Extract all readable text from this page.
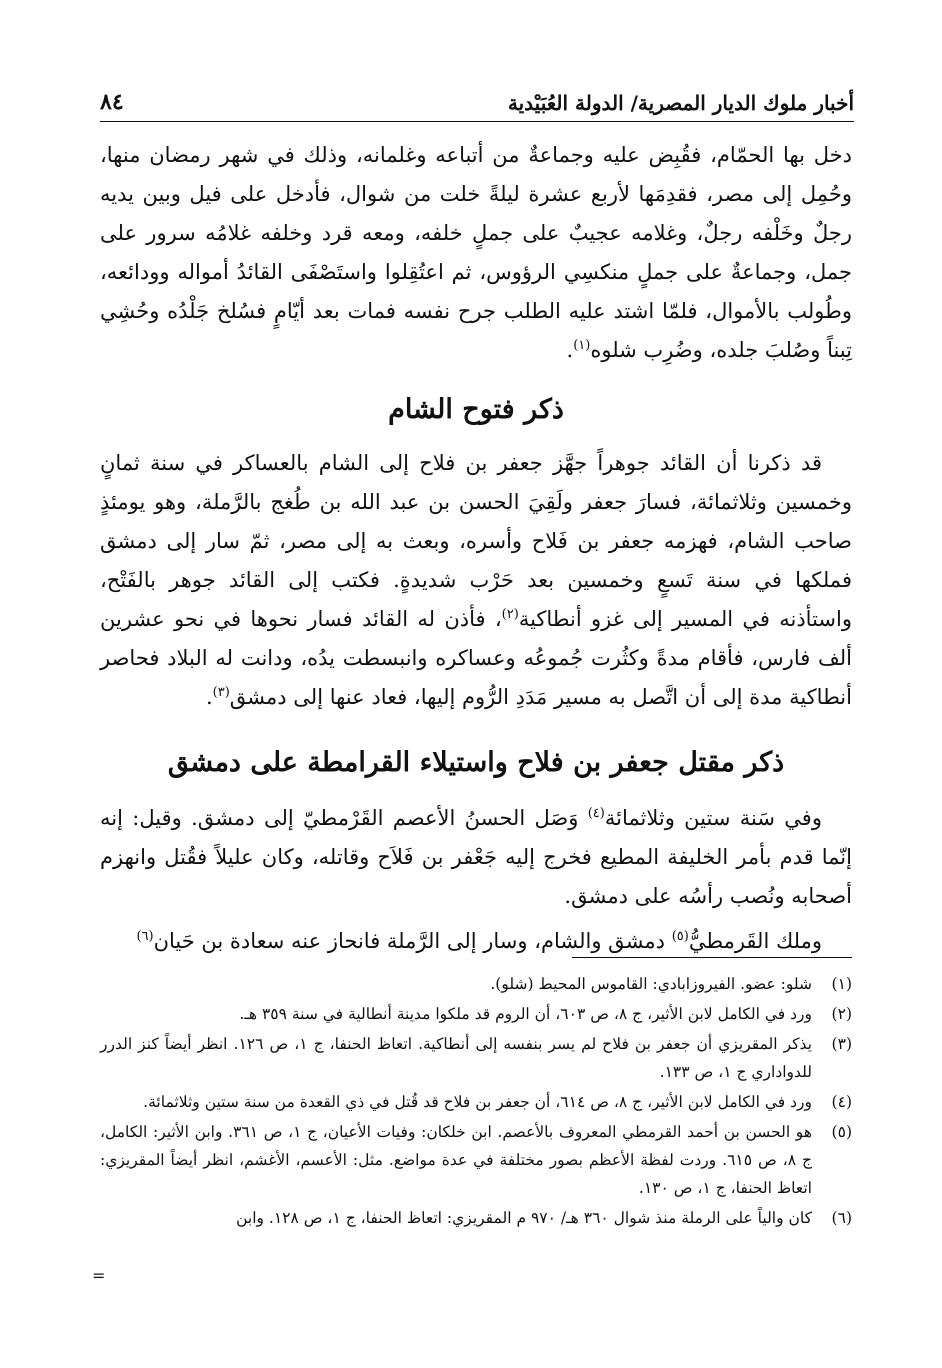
أخبار ملوك الديار المصرية/ الدولة العُبَيْدية
٨٤

دخل بها الحمّام، فقُبِض عليه وجماعةٌ من أتباعه وغلمانه، وذلك في شهر رمضان منها، وحُمِل إلى مصر، فقدِمَها لأربع عشرة ليلةً خلت من شوال، فأدخل على فيل وبين يديه رجلٌ وخَلْفه رجلٌ، وغلامه عجيبٌ على جملٍ خلفه، ومعه قرد وخلفه غلامُه سرور على جمل، وجماعةٌ على جملٍ منكسِي الرؤوس، ثم اعتُقِلوا واستَصْفَى القائدُ أمواله وودائعه، وطُولب بالأموال، فلمّا اشتد عليه الطلب جرح نفسه فمات بعد أيّامٍ فسُلخ جَلْدُه وحُشِي تِبناً وصُلبَ جلده، وضُرِب شلوه$^{(١)}$.

ذكر فتوح الشام

قد ذكرنا أن القائد جوهراً جهَّز جعفر بن فلاح إلى الشام بالعساكر في سنة ثمانٍ وخمسين وثلاثمائة، فسارَ جعفر ولَقِيَ الحسن بن عبد الله بن طُغج بالرَّملة، وهو يومئذٍ صاحب الشام، فهزمه جعفر بن فَلاح وأسره، وبعث به إلى مصر، ثمّ سار إلى دمشق فملكها في سنة تَسعٍ وخمسين بعد حَرْب شديدةٍ. فكتب إلى القائد جوهر بالفَتْح، واستأذنه في المسير إلى غزو أنطاكية$^{(٢)}$، فأذن له القائد فسار نحوها في نحو عشرين ألف فارس، فأقام مدةً وكثُرت جُموعُه وعساكره وانبسطت يدُه، ودانت له البلاد فحاصر أنطاكية مدة إلى أن اتَّصل به مسير مَدَدِ الرُّوم إليها، فعاد عنها إلى دمشق$^{(٣)}$.

ذكر مقتل جعفر بن فلاح واستيلاء القرامطة على دمشق

وفي سَنة ستين وثلاثمائة$^{(٤)}$ وَصَل الحسنُ الأعصم القَرْمطيّ إلى دمشق. وقيل: إنه إنّما قدم بأمر الخليفة المطيع فخرج إليه جَعْفر بن فَلاَح وقاتله، وكان عليلاً فقُتل وانهزم أصحابه ونُصب رأسُه على دمشق.

وملك القَرمطيُّ$^{(٥)}$ دمشق والشام، وسار إلى الرَّملة فانحاز عنه سعادة بن حَيان$^{(٦)}$

(١)
شلو: عضو. الفيروزابادي: القاموس المحيط (شلو).
(٢)
ورد في الكامل لابن الأثير، ج ٨، ص ٦٠٣، أن الروم قد ملكوا مدينة أنطالية في سنة ٣٥٩ هـ.
(٣)
يذكر المقريزي أن جعفر بن فلاح لم يسر بنفسه إلى أنطاكية. اتعاظ الحنفا، ج ١، ص ١٢٦. انظر أيضاً كنز الدرر للدواداري ج ١، ص ١٣٣.
(٤)
ورد في الكامل لابن الأثير، ج ٨، ص ٦١٤، أن جعفر بن فلاح قد قُتل في ذي القعدة من سنة ستين وثلاثمائة.
(٥)
هو الحسن بن أحمد القرمطي المعروف بالأعصم. ابن خلكان: وفيات الأعيان، ج ١، ص ٣٦١. وابن الأثير: الكامل، ج ٨، ص ٦١٥. وردت لفظة الأعظم بصور مختلفة في عدة مواضع. مثل: الأعسم، الأغشم، انظر أيضاً المقريزي: اتعاظ الحنفا، ج ١، ص ١٣٠.
(٦)
كان والياً على الرملة منذ شوال ٣٦٠ هـ/ ٩٧٠ م المقريزي: اتعاظ الحنفا، ج ١، ص ١٢٨. وابن
=
